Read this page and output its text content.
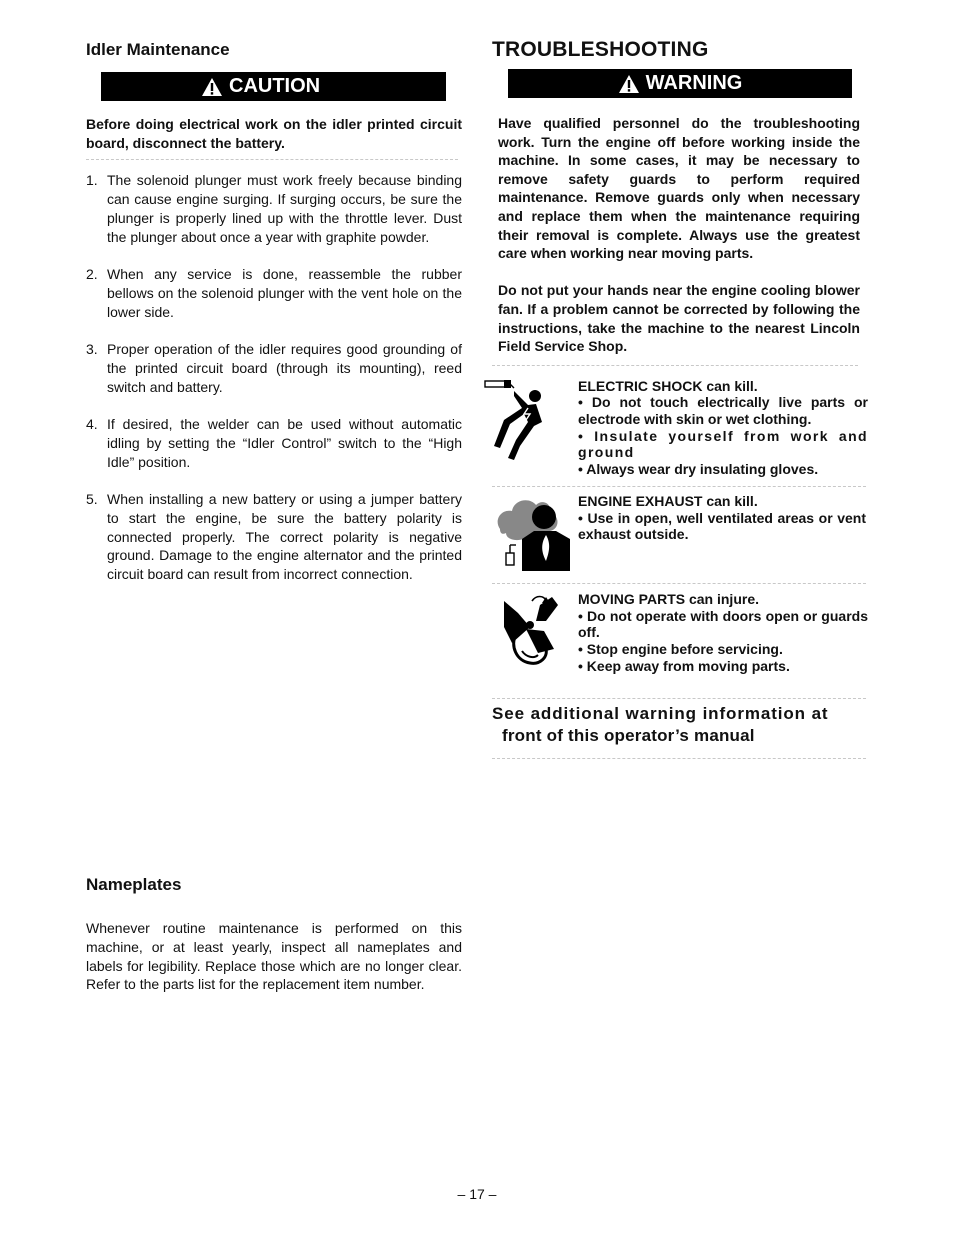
Idler Maintenance
CAUTION

Before doing electrical work on the idler printed circuit board, disconnect the battery.

1. The solenoid plunger must work freely because binding can cause engine surging. If surging occurs, be sure the plunger is properly lined up with the throttle lever. Dust the plunger about once a year with graphite powder.
2. When any service is done, reassemble the rubber bellows on the solenoid plunger with the vent hole on the lower side.
3. Proper operation of the idler requires good grounding of the printed circuit board (through its mounting), reed switch and battery.
4. If desired, the welder can be used without automatic idling by setting the “Idler Control” switch to the “High Idle” position.
5. When installing a new battery or using a jumper battery to start the engine, be sure the battery polarity is connected properly. The correct polarity is negative ground. Damage to the engine alternator and the printed circuit board can result from incorrect connection.
Nameplates

Whenever routine maintenance is performed on this machine, or at least yearly, inspect all nameplates and labels for legibility. Replace those which are no longer clear. Refer to the parts list for the replacement item number.

TROUBLESHOOTING
WARNING

Have qualified personnel do the troubleshooting work. Turn the engine off before working inside the machine. In some cases, it may be necessary to remove safety guards to perform required maintenance. Remove guards only when necessary and replace them when the maintenance requiring their removal is complete. Always use the greatest care when working near moving parts.

Do not put your hands near the engine cooling blower fan. If a problem cannot be corrected by following the instructions, take the machine to the nearest Lincoln Field Service Shop.

ELECTRIC SHOCK can kill.
• Do not touch electrically live parts or electrode with skin or wet clothing.
• Insulate yourself from work and ground
• Always wear dry insulating gloves.
ENGINE EXHAUST can kill.
• Use in open, well ventilated areas or vent exhaust outside.
MOVING PARTS can injure.
• Do not operate with doors open or guards off.
• Stop engine before servicing.
• Keep away from moving parts.
See additional warning information at
front of this operator’s manual
– 17 –
